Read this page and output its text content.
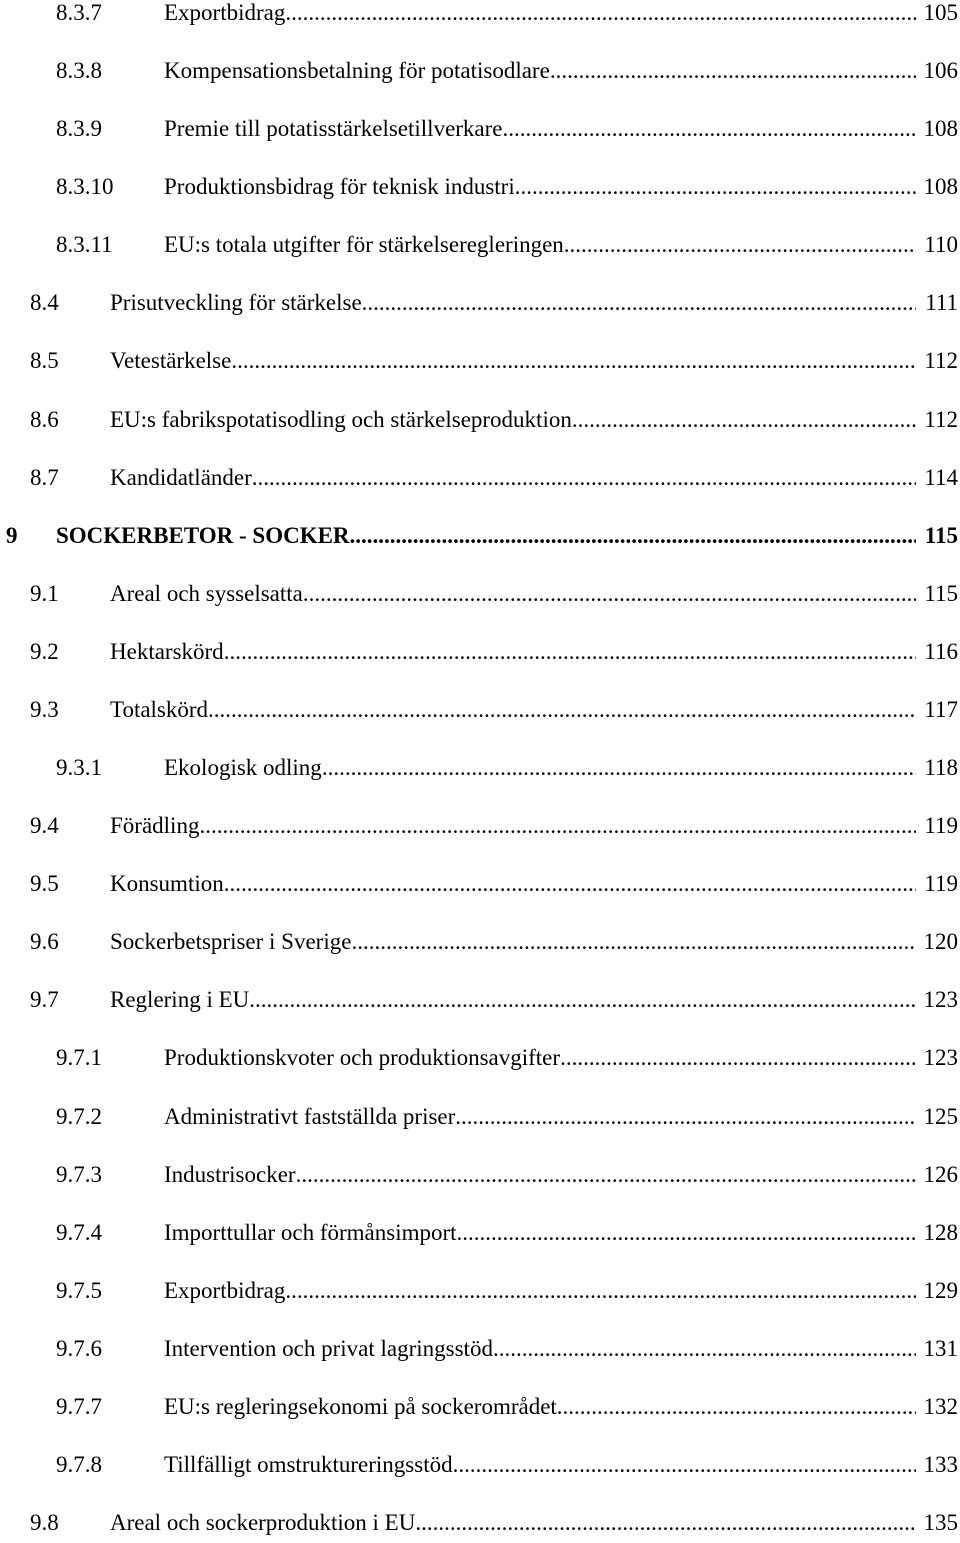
8.3.7	Exportbidrag .....	105
8.3.8	Kompensationsbetalning för potatisodlare .....	106
8.3.9	Premie till potatisstärkelsetillverkare .....	108
8.3.10 Produktionsbidrag för teknisk industri .....	108
8.3.11 EU:s totala utgifter för stärkelseregleringen .....	110
8.4 Prisutveckling för stärkelse .....	111
8.5 Vetestärkelse .....	112
8.6 EU:s fabrikspotatisodling och stärkelseproduktion .....	112
8.7 Kandidatländer .....	114
9 SOCKERBETOR - SOCKER .....	115
9.1 Areal och sysselsatta .....	115
9.2 Hektarskörd .....	116
9.3 Totalskörd .....	117
9.3.1	Ekologisk odling .....	118
9.4 Förädling .....	119
9.5 Konsumtion .....	119
9.6 Sockerbetspriser i Sverige .....	120
9.7 Reglering i EU .....	123
9.7.1	Produktionskvoter och produktionsavgifter .....	123
9.7.2	Administrativt fastställda priser .....	125
9.7.3	Industrisocker .....	126
9.7.4	Importtullar och förmånsimport .....	128
9.7.5	Exportbidrag .....	129
9.7.6	Intervention och privat lagringsstöd .....	131
9.7.7	EU:s regleringsekonomi på sockerområdet .....	132
9.7.8	Tillfälligt omstruktureringsstöd .....	133
9.8 Areal och sockerproduktion i EU .....	135
